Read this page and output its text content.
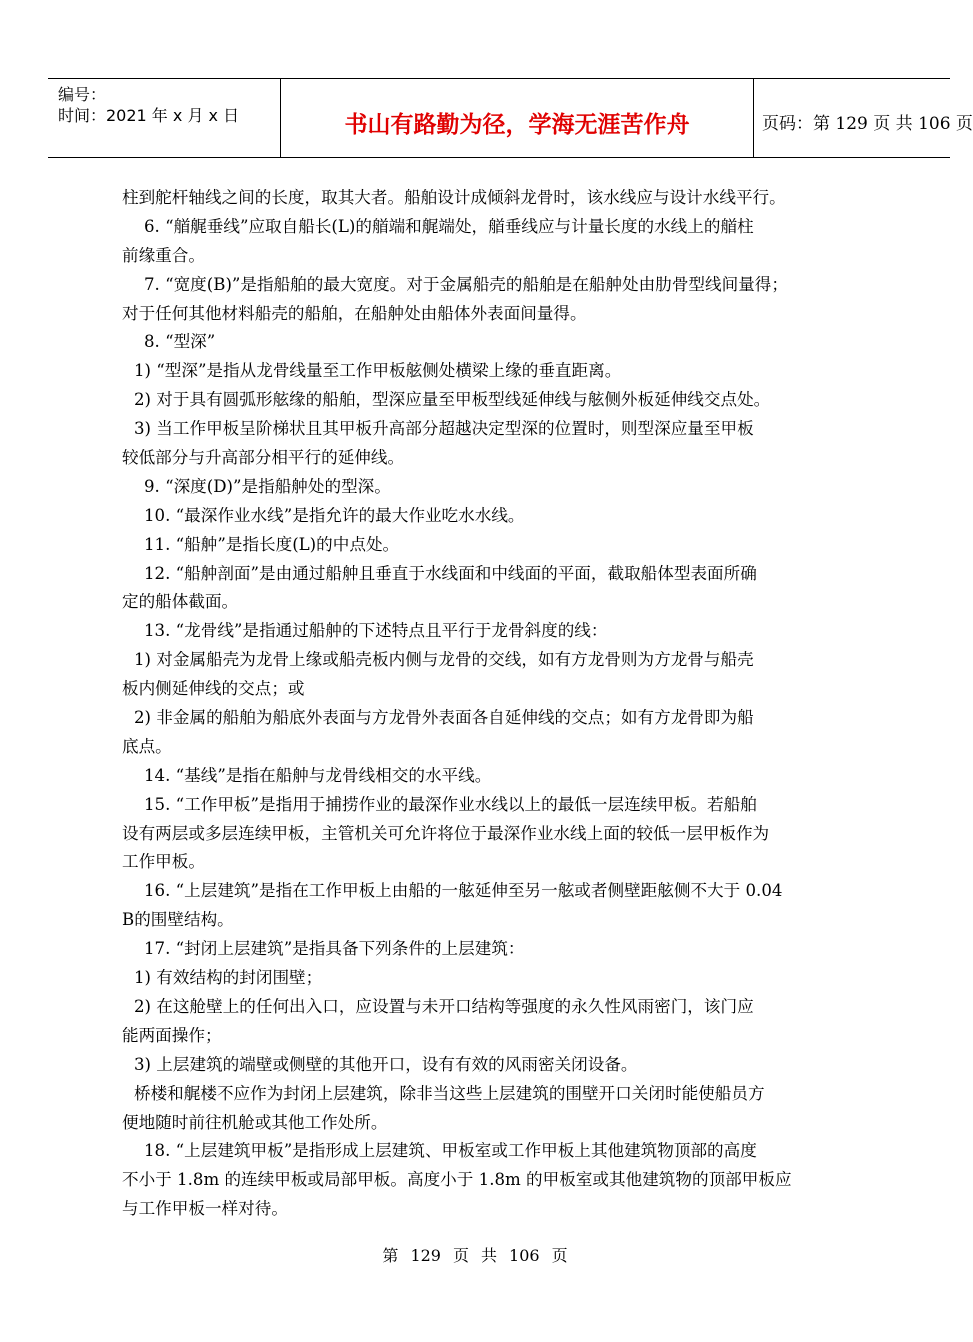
编号：
时间：2021 年 x 月 x 日	书山有路勤为径，学海无涯苦作舟	页码：第 129 页 共 106 页
柱到舵杆轴线之间的长度，取其大者。船舶设计成倾斜龙骨时，该水线应与设计水线平行。
6. “艏艉垂线”应取自船长(L)的艏端和艉端处，艏垂线应与计量长度的水线上的艏柱
前缘重合。
7. “宽度(B)”是指船舶的最大宽度。对于金属船壳的船舶是在船舯处由肋骨型线间量得；
对于任何其他材料船壳的船舶，在船舯处由船体外表面间量得。
8. “型深”
1) “型深”是指从龙骨线量至工作甲板舷侧处横梁上缘的垂直距离。
2) 对于具有圆弧形舷缘的船舶，型深应量至甲板型线延伸线与舷侧外板延伸线交点处。
3) 当工作甲板呈阶梯状且其甲板升高部分超越决定型深的位置时，则型深应量至甲板
较低部分与升高部分相平行的延伸线。
9. “深度(D)”是指船舯处的型深。
10. “最深作业水线”是指允许的最大作业吃水水线。
11. “船舯”是指长度(L)的中点处。
12. “船舯剖面”是由通过船舯且垂直于水线面和中线面的平面，截取船体型表面所确
定的船体截面。
13. “龙骨线”是指通过船舯的下述特点且平行于龙骨斜度的线：
1) 对金属船壳为龙骨上缘或船壳板内侧与龙骨的交线，如有方龙骨则为方龙骨与船壳
板内侧延伸线的交点；或
2) 非金属的船舶为船底外表面与方龙骨外表面各自延伸线的交点；如有方龙骨即为船
底点。
14. “基线”是指在船舯与龙骨线相交的水平线。
15. “工作甲板”是指用于捕捞作业的最深作业水线以上的最低一层连续甲板。若船舶
设有两层或多层连续甲板，主管机关可允许将位于最深作业水线上面的较低一层甲板作为
工作甲板。
16. “上层建筑”是指在工作甲板上由船的一舷延伸至另一舷或者侧壁距舷侧不大于 0.04
B的围壁结构。
17. “封闭上层建筑”是指具备下列条件的上层建筑：
1) 有效结构的封闭围壁；
2) 在这舱壁上的任何出入口，应设置与未开口结构等强度的永久性风雨密门，该门应
能两面操作；
3) 上层建筑的端壁或侧壁的其他开口，设有有效的风雨密关闭设备。
桥楼和艉楼不应作为封闭上层建筑，除非当这些上层建筑的围壁开口关闭时能使船员方
便地随时前往机舱或其他工作处所。
18. “上层建筑甲板”是指形成上层建筑、甲板室或工作甲板上其他建筑物顶部的高度
不小于 1.8m 的连续甲板或局部甲板。高度小于 1.8m 的甲板室或其他建筑物的顶部甲板应
与工作甲板一样对待。
第 129 页 共 106 页
